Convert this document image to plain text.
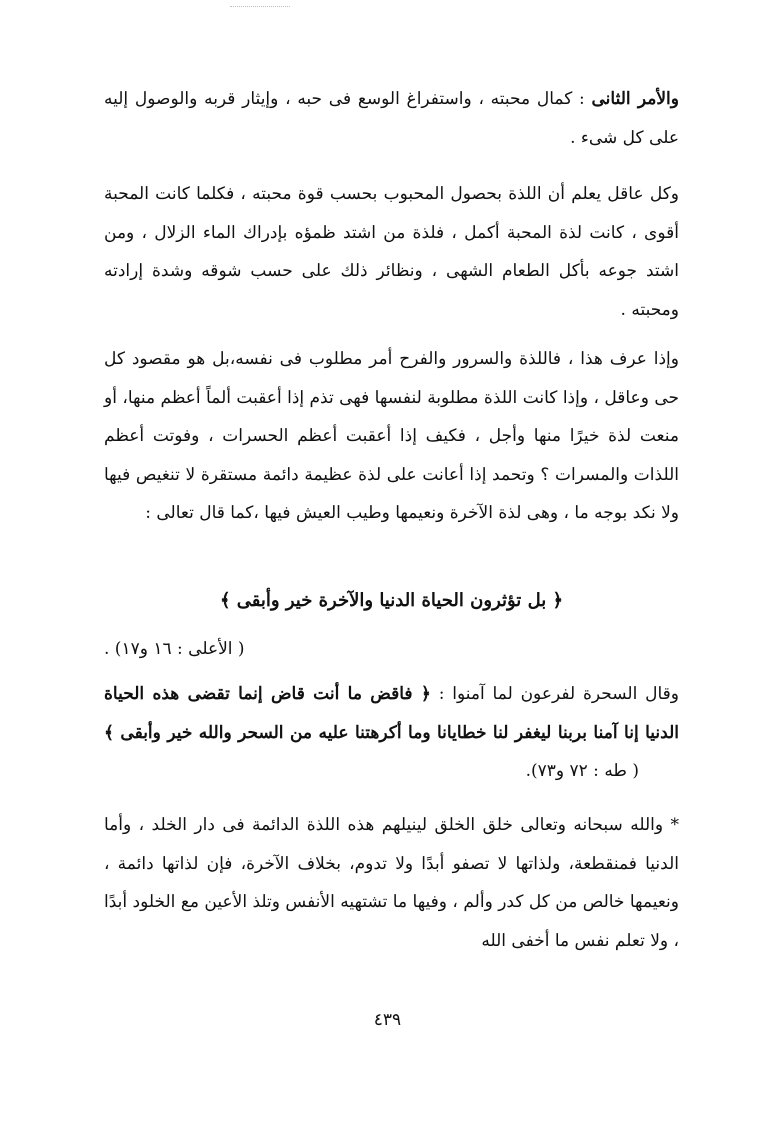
والأمر الثانى : كمال محبته ، واستفراغ الوسع فى حبه ، وإيثار قربه والوصول إليه على كل شىء .

وكل عاقل يعلم أن اللذة بحصول المحبوب بحسب قوة محبته ، فكلما كانت المحبة أقوى ، كانت لذة المحبة أكمل ، فلذة من اشتد ظمؤه بإدراك الماء الزلال ، ومن اشتد جوعه بأكل الطعام الشهى ، ونظائر ذلك على حسب شوقه وشدة إرادته ومحبته .

وإذا عرف هذا ، فاللذة والسرور والفرح أمر مطلوب فى نفسه،بل هو مقصود كل حى وعاقل ، وإذا كانت اللذة مطلوبة لنفسها فهى تذم إذا أعقبت ألماً أعظم منها، أو منعت لذة خيرًا منها وأجل ، فكيف إذا أعقبت أعظم الحسرات ، وفوتت أعظم اللذات والمسرات ؟ وتحمد إذا أعانت على لذة عظيمة دائمة مستقرة لا تنغيص فيها ولا نكد بوجه ما ، وهى لذة الآخرة ونعيمها وطيب العيش فيها ،كما قال تعالى :

﴿ بل تؤثرون الحياة الدنيا والآخرة خير وأبقى ﴾

( الأعلى : ١٦ و١٧) .

وقال السحرة لفرعون لما آمنوا : ﴿ فاقض ما أنت قاض إنما تقضى هذه الحياة الدنيا إنا آمنا بربنا ليغفر لنا خطايانا وما أكرهتنا عليه من السحر والله خير وأبقى ﴾( طه : ٧٢ و٧٣).

* والله سبحانه وتعالى خلق الخلق لينيلهم هذه اللذة الدائمة فى دار الخلد ، وأما الدنيا فمنقطعة، ولذاتها لا تصفو أبدًا ولا تدوم، بخلاف الآخرة، فإن لذاتها دائمة ، ونعيمها خالص من كل كدر وألم ، وفيها ما تشتهيه الأنفس وتلذ الأعين مع الخلود أبدًا ، ولا تعلم نفس ما أخفى الله

٤٣٩
